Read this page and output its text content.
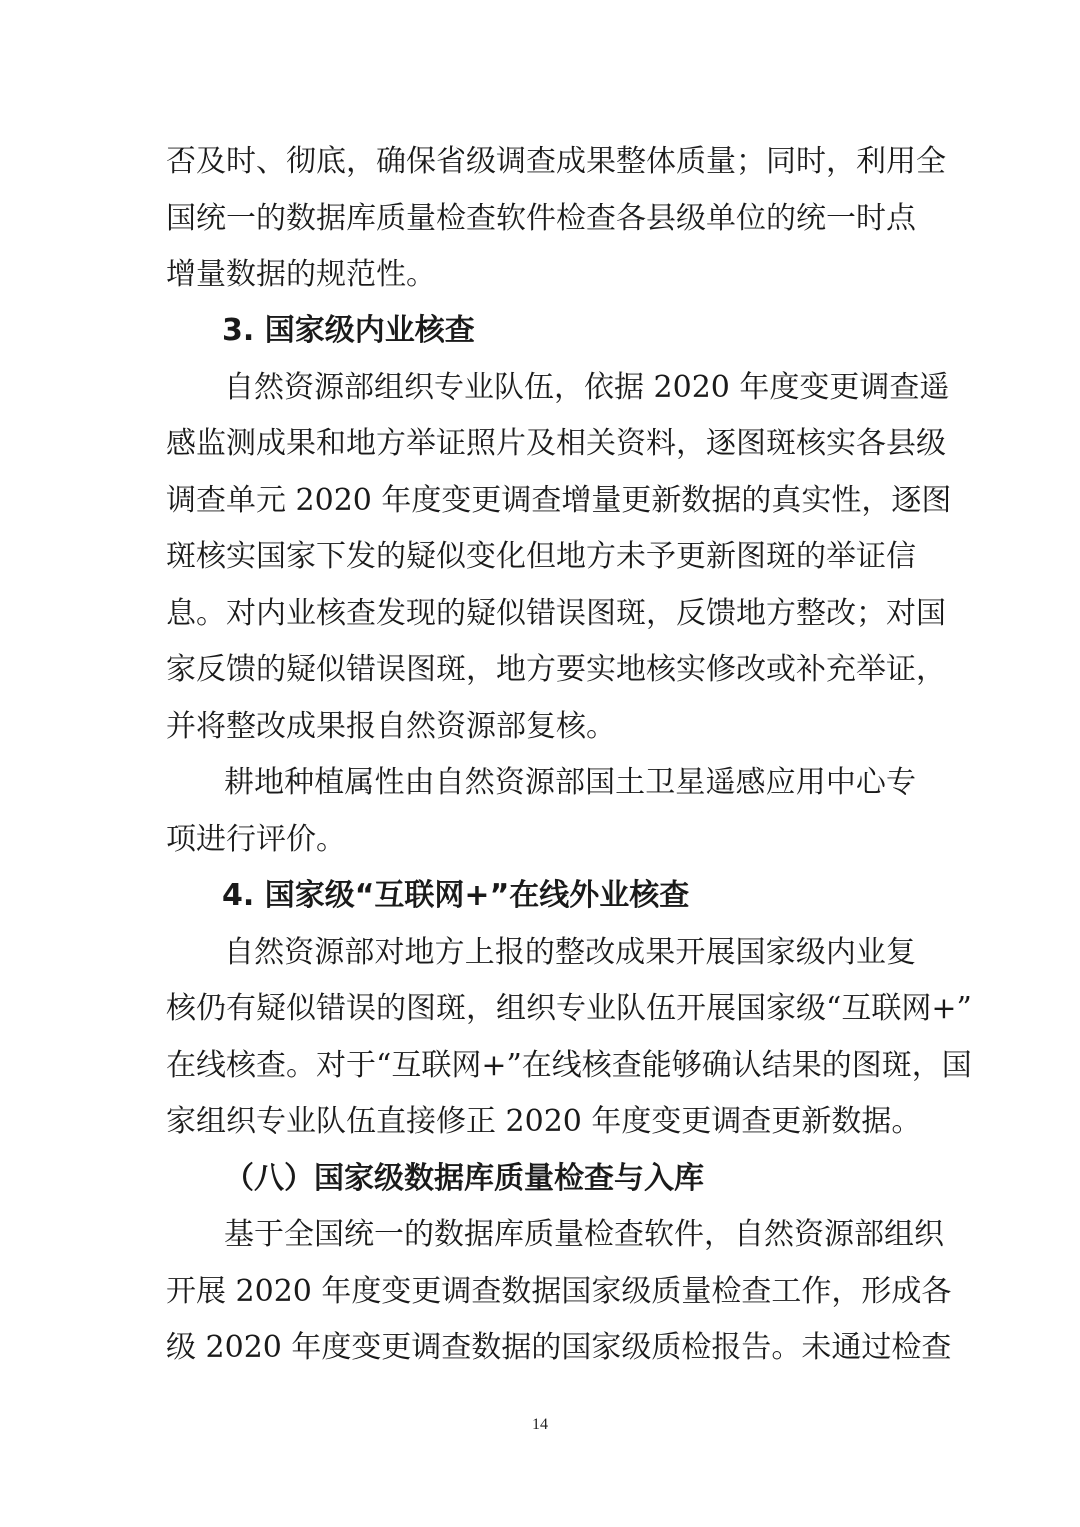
否及时、彻底，确保省级调查成果整体质量；同时，利用全
国统一的数据库质量检查软件检查各县级单位的统一时点
增量数据的规范性。
3. 国家级内业核查
自然资源部组织专业队伍，依据 2020 年度变更调查遥
感监测成果和地方举证照片及相关资料，逐图斑核实各县级
调查单元 2020 年度变更调查增量更新数据的真实性，逐图
斑核实国家下发的疑似变化但地方未予更新图斑的举证信
息。对内业核查发现的疑似错误图斑，反馈地方整改；对国
家反馈的疑似错误图斑，地方要实地核实修改或补充举证，
并将整改成果报自然资源部复核。
耕地种植属性由自然资源部国土卫星遥感应用中心专
项进行评价。
4. 国家级“互联网+”在线外业核查
自然资源部对地方上报的整改成果开展国家级内业复
核仍有疑似错误的图斑，组织专业队伍开展国家级“互联网+”
在线核查。对于“互联网+”在线核查能够确认结果的图斑，国
家组织专业队伍直接修正 2020 年度变更调查更新数据。
（八）国家级数据库质量检查与入库
基于全国统一的数据库质量检查软件，自然资源部组织
开展 2020 年度变更调查数据国家级质量检查工作，形成各
级 2020 年度变更调查数据的国家级质检报告。未通过检查
14
